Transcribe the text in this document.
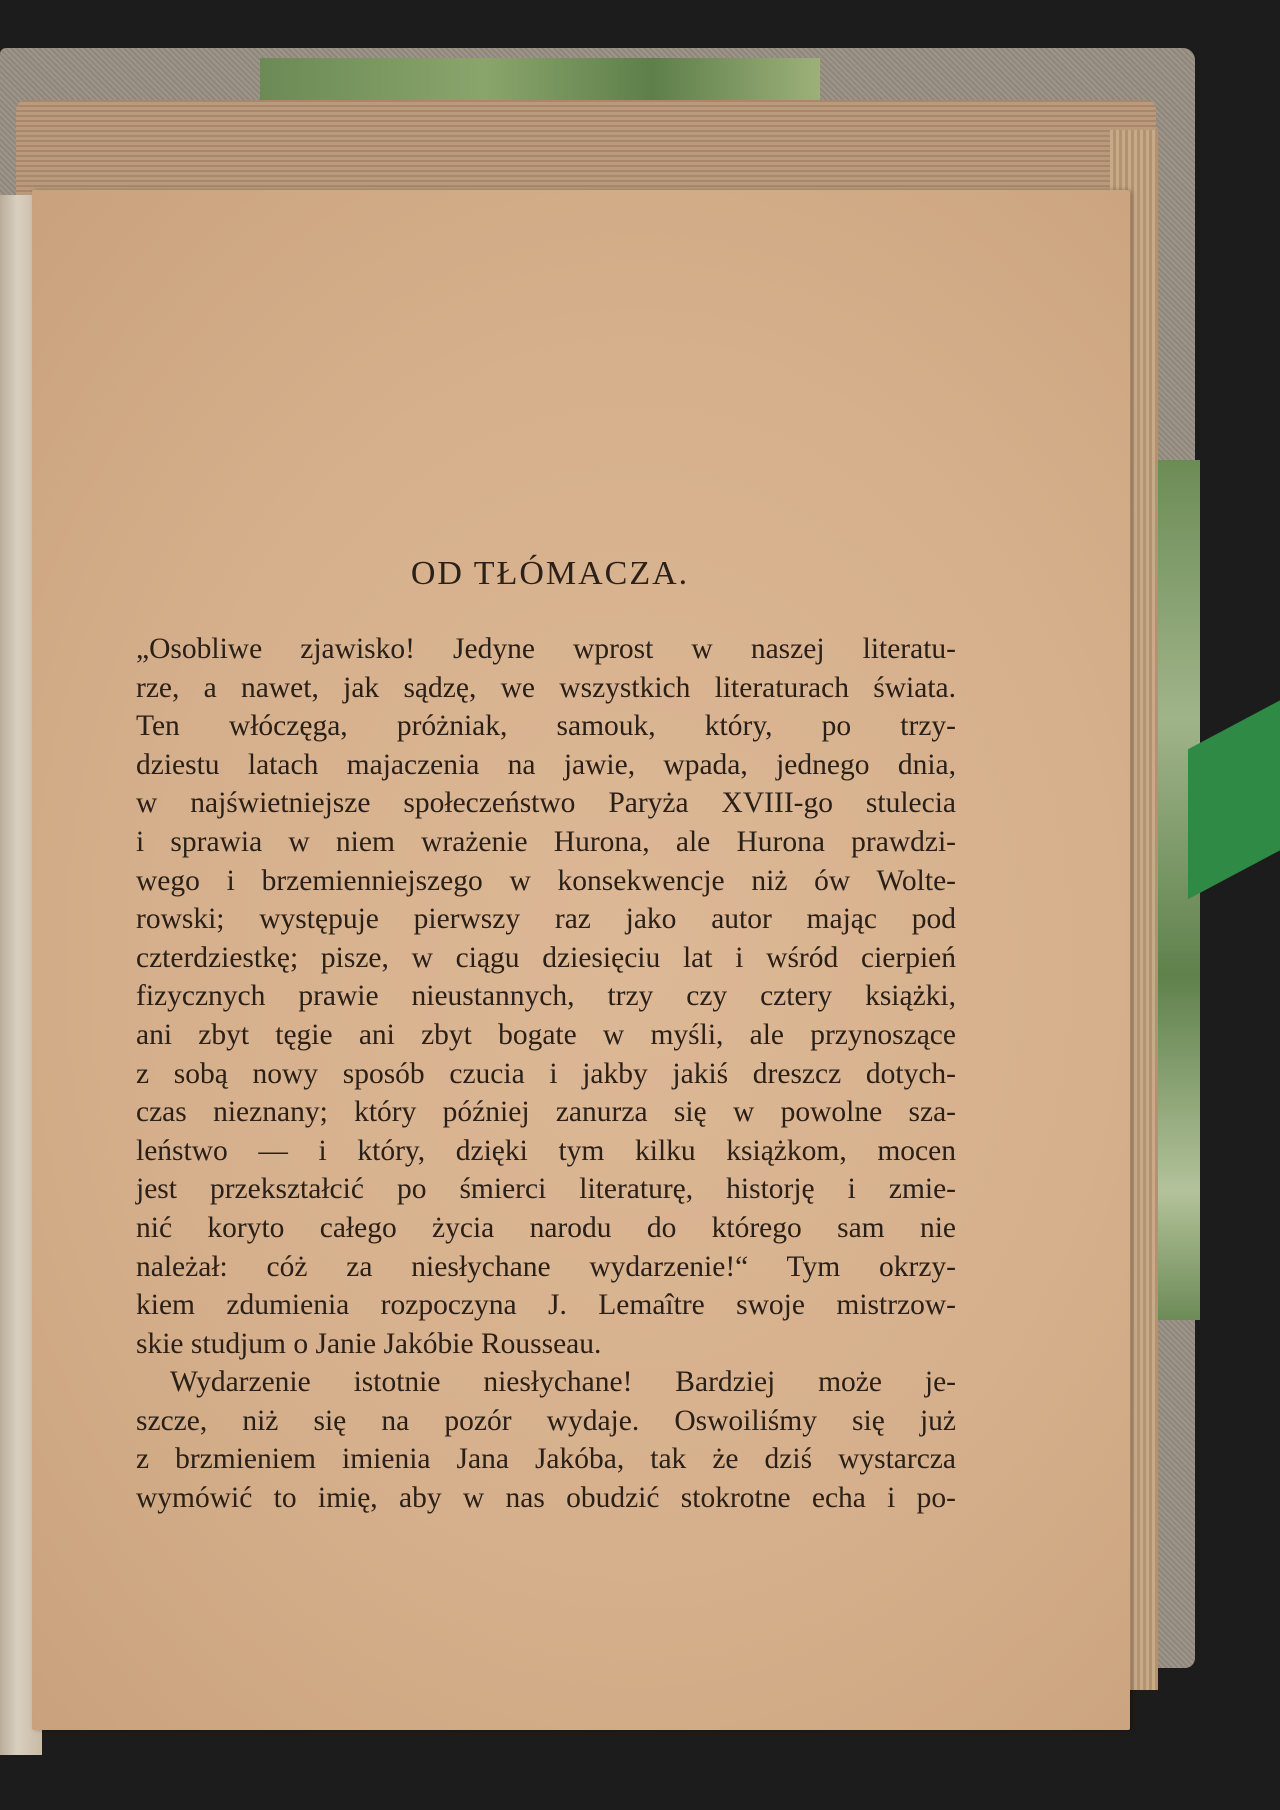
OD TŁÓMACZA.
„Osobliwe zjawisko! Jedyne wprost w naszej literatu-
rze, a nawet, jak sądzę, we wszystkich literaturach świata.
Ten włóczęga, próżniak, samouk, który, po trzy-
dziestu latach majaczenia na jawie, wpada, jednego dnia,
w najświetniejsze społeczeństwo Paryża XVIII-go stulecia
i sprawia w niem wrażenie Hurona, ale Hurona prawdzi-
wego i brzemienniejszego w konsekwencje niż ów Wolte-
rowski; występuje pierwszy raz jako autor mając pod
czterdziestkę; pisze, w ciągu dziesięciu lat i wśród cierpień
fizycznych prawie nieustannych, trzy czy cztery książki,
ani zbyt tęgie ani zbyt bogate w myśli, ale przynoszące
z sobą nowy sposób czucia i jakby jakiś dreszcz dotych-
czas nieznany; który później zanurza się w powolne sza-
leństwo — i który, dzięki tym kilku książkom, mocen
jest przekształcić po śmierci literaturę, historję i zmie-
nić koryto całego życia narodu do którego sam nie
należał: cóż za niesłychane wydarzenie!“ Tym okrzy-
kiem zdumienia rozpoczyna J. Lemaître swoje mistrzow-
skie studjum o Janie Jakóbie Rousseau.
Wydarzenie istotnie niesłychane! Bardziej może je-
szcze, niż się na pozór wydaje. Oswoiliśmy się już
z brzmieniem imienia Jana Jakóba, tak że dziś wystarcza
wymówić to imię, aby w nas obudzić stokrotne echa i po-
